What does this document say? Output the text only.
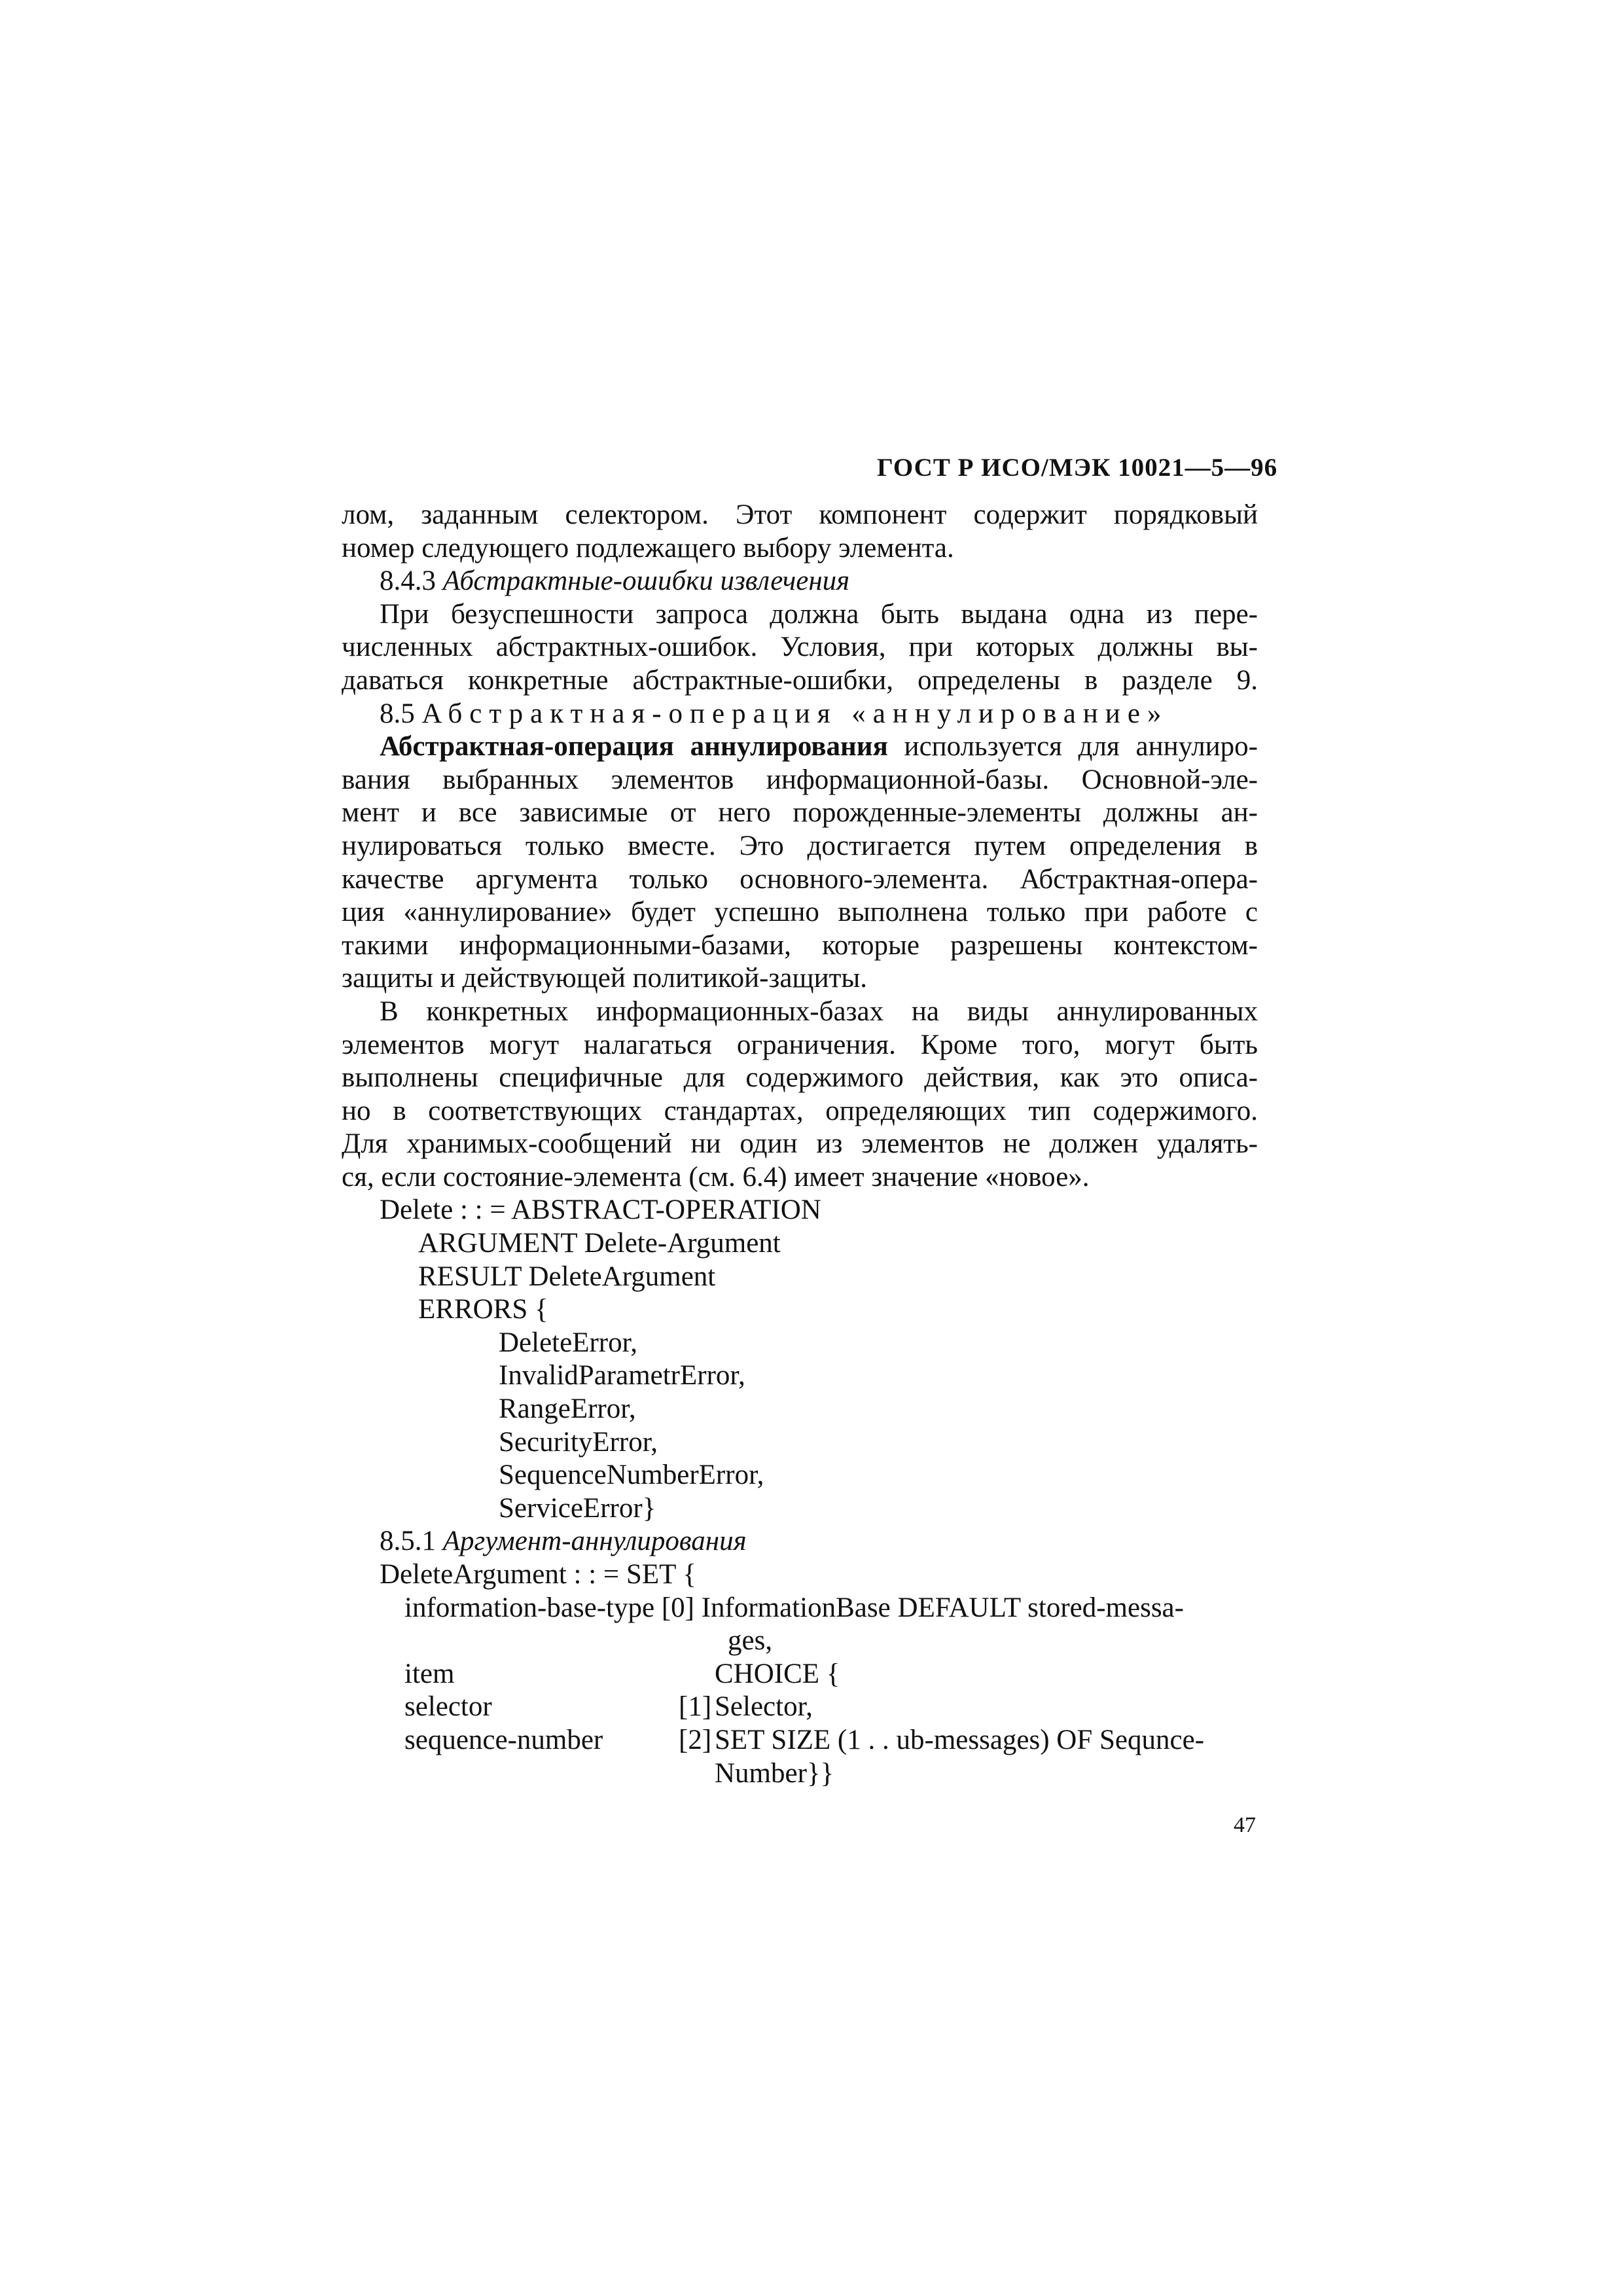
ГОСТ Р ИСО/МЭК 10021—5—96
лом, заданным селектором. Этот компонент содержит порядковый
номер следующего подлежащего выбору элемента.
8.4.3 Абстрактные-ошибки извлечения
При безуспешности запроса должна быть выдана одна из пере-
численных абстрактных-ошибок. Условия, при которых должны вы-
даваться конкретные абстрактные-ошибки, определены в разделе 9.
8.5 Абстрактная-операция «аннулирование»
Абстрактная-операция аннулирования используется для аннулиро-
вания выбранных элементов информационной-базы. Основной-эле-
мент и все зависимые от него порожденные-элементы должны ан-
нулироваться только вместе. Это достигается путем определения в
качестве аргумента только основного-элемента. Абстрактная-опера-
ция «аннулирование» будет успешно выполнена только при работе с
такими информационными-базами, которые разрешены контекстом-
защиты и действующей политикой-защиты.
В конкретных информационных-базах на виды аннулированных
элементов могут налагаться ограничения. Кроме того, могут быть
выполнены специфичные для содержимого действия, как это описа-
но в соответствующих стандартах, определяющих тип содержимого.
Для хранимых-сообщений ни один из элементов не должен удалять-
ся, если состояние-элемента (см. 6.4) имеет значение «новое».
Delete : : = ABSTRACT-OPERATION
ARGUMENT Delete-Argument
RESULT DeleteArgument
ERRORS {
DeleteError,
InvalidParametrError,
RangeError,
SecurityError,
SequenceNumberError,
ServiceError}
8.5.1 Аргумент-аннулирования
DeleteArgument : : = SET {
information-base-type [0] InformationBase DEFAULT stored-messa-
ges,
item	CHOICE {
selector	[1] Selector,
sequence-number	[2] SET SIZE (1 . . ub-messages) OF Sequnce-
Number}}
47
